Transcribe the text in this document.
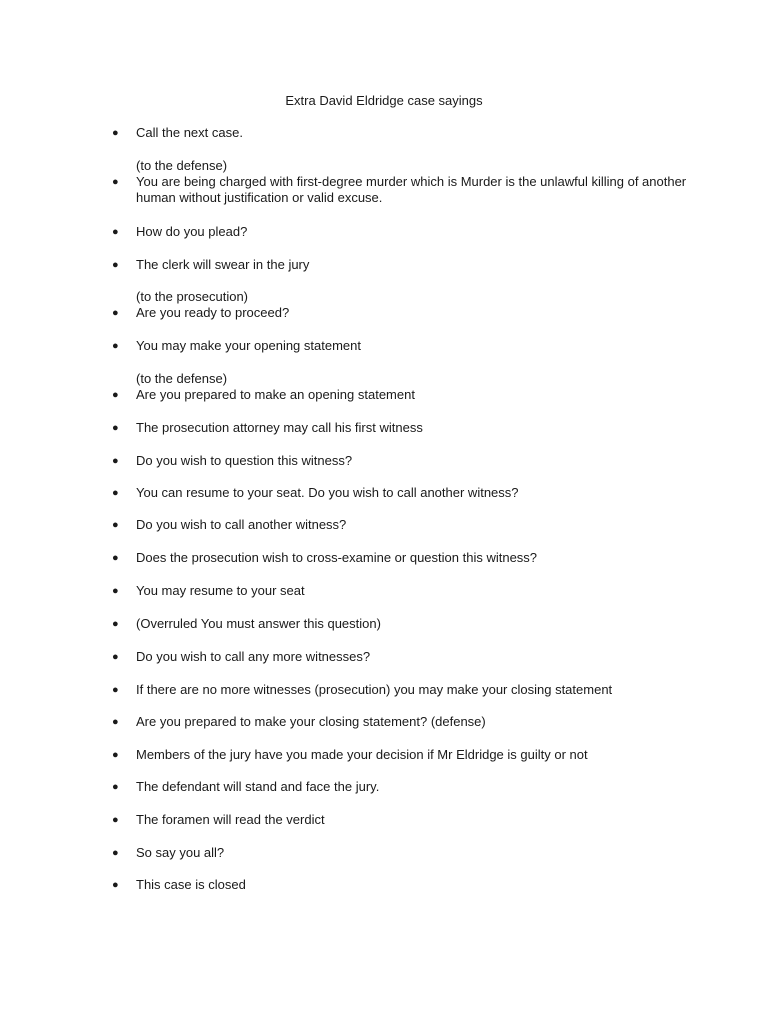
Extra David Eldridge case sayings
●	Call the next case.
(to the defense)
●	You are being charged with first-degree murder which is Murder is the unlawful killing of another human without justification or valid excuse.
●	How do you plead?
●	The clerk will swear in the jury
(to the prosecution)
●	Are you ready to proceed?
●	You may make your opening statement
(to the defense)
●	Are you prepared to make an opening statement
●	The prosecution attorney may call his first witness
●	Do you wish to question this witness?
●	You can resume to your seat. Do you wish to call another witness?
●	Do you wish to call another witness?
●	Does the prosecution wish to cross-examine or question this witness?
●	You may resume to your seat
●	(Overruled You must answer this question)
●	Do you wish to call any more witnesses?
●	If there are no more witnesses (prosecution) you may make your closing statement
●	Are you prepared to make your closing statement? (defense)
●	Members of the jury have you made your decision if Mr Eldridge is guilty or not
●	The defendant will stand and face the jury.
●	The foramen will read the verdict
●	So say you all?
●	This case is closed
